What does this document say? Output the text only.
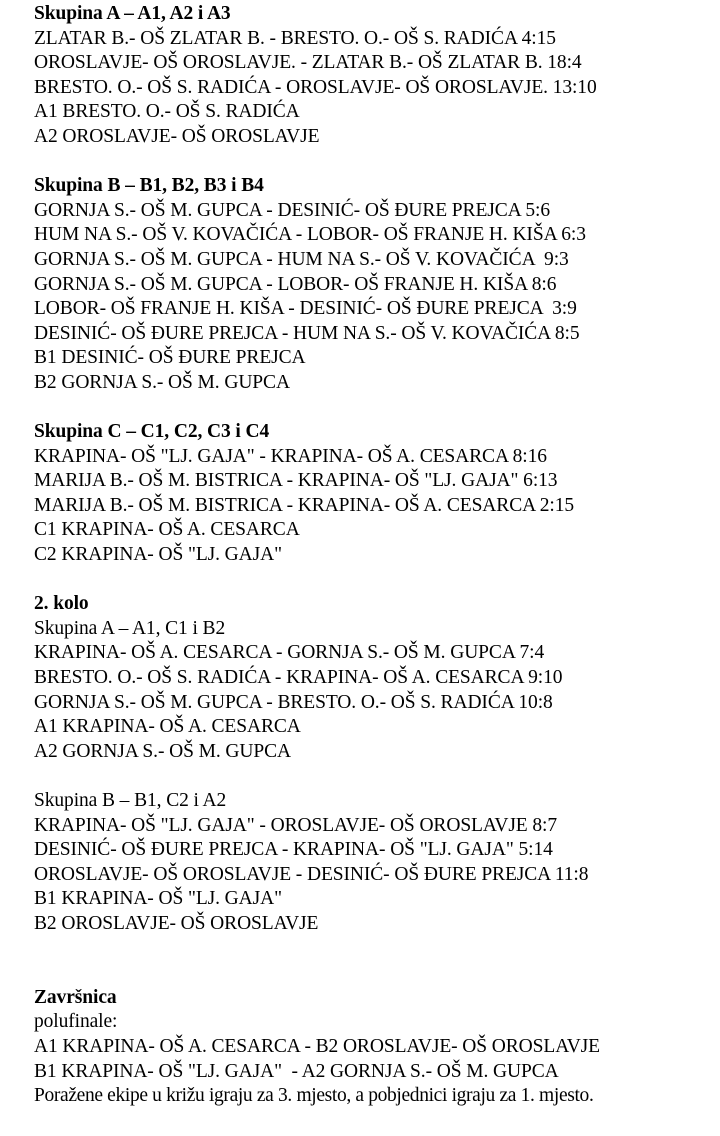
Skupina A – A1, A2 i A3
ZLATAR B.- OŠ ZLATAR B. - BRESTO. O.- OŠ S. RADIĆA 4:15
OROSLAVJE- OŠ OROSLAVJE. - ZLATAR B.- OŠ ZLATAR B. 18:4
BRESTO. O.- OŠ S. RADIĆA - OROSLAVJE- OŠ OROSLAVJE. 13:10
A1 BRESTO. O.- OŠ S. RADIĆA
A2 OROSLAVJE- OŠ OROSLAVJE
Skupina B – B1, B2, B3 i B4
GORNJA S.- OŠ M. GUPCA - DESINIĆ- OŠ ĐURE PREJCA 5:6
HUM NA S.- OŠ V. KOVAČIĆA - LOBOR- OŠ FRANJE H. KIŠA 6:3
GORNJA S.- OŠ M. GUPCA - HUM NA S.- OŠ V. KOVAČIĆA  9:3
GORNJA S.- OŠ M. GUPCA - LOBOR- OŠ FRANJE H. KIŠA 8:6
LOBOR- OŠ FRANJE H. KIŠA - DESINIĆ- OŠ ĐURE PREJCA  3:9
DESINIĆ- OŠ ĐURE PREJCA - HUM NA S.- OŠ V. KOVAČIĆA 8:5
B1 DESINIĆ- OŠ ĐURE PREJCA
B2 GORNJA S.- OŠ M. GUPCA
Skupina C – C1, C2, C3 i C4
KRAPINA- OŠ "LJ. GAJA" - KRAPINA- OŠ A. CESARCA 8:16
MARIJA B.- OŠ M. BISTRICA - KRAPINA- OŠ "LJ. GAJA" 6:13
MARIJA B.- OŠ M. BISTRICA - KRAPINA- OŠ A. CESARCA 2:15
C1 KRAPINA- OŠ A. CESARCA
C2 KRAPINA- OŠ "LJ. GAJA"
2. kolo
Skupina A – A1, C1 i B2
KRAPINA- OŠ A. CESARCA - GORNJA S.- OŠ M. GUPCA 7:4
BRESTO. O.- OŠ S. RADIĆA - KRAPINA- OŠ A. CESARCA 9:10
GORNJA S.- OŠ M. GUPCA - BRESTO. O.- OŠ S. RADIĆA 10:8
A1 KRAPINA- OŠ A. CESARCA
A2 GORNJA S.- OŠ M. GUPCA
Skupina B – B1, C2 i A2
KRAPINA- OŠ "LJ. GAJA" - OROSLAVJE- OŠ OROSLAVJE 8:7
DESINIĆ- OŠ ĐURE PREJCA - KRAPINA- OŠ "LJ. GAJA" 5:14
OROSLAVJE- OŠ OROSLAVJE - DESINIĆ- OŠ ĐURE PREJCA 11:8
B1 KRAPINA- OŠ "LJ. GAJA"
B2 OROSLAVJE- OŠ OROSLAVJE
Završnica
polufinale:
A1 KRAPINA- OŠ A. CESARCA - B2 OROSLAVJE- OŠ OROSLAVJE
B1 KRAPINA- OŠ "LJ. GAJA"  - A2 GORNJA S.- OŠ M. GUPCA
Poražene ekipe u križu igraju za 3. mjesto, a pobjednici igraju za 1. mjesto.
